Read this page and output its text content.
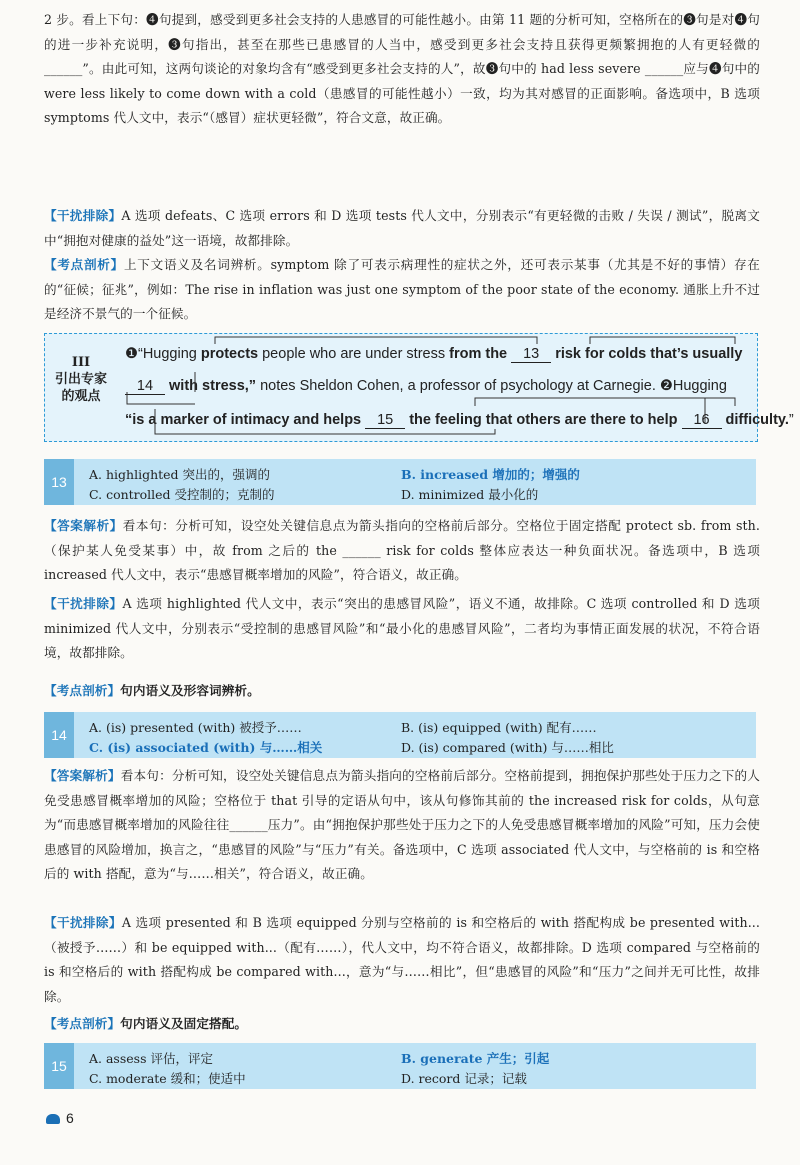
2 步。看上下句：❹句提到，感受到更多社会支持的人患感冒的可能性越小。由第 11 题的分析可知，空格所在的❸句是对❹句的进一步补充说明，❸句指出，甚至在那些已患感冒的人当中，感受到更多社会支持且获得更频繁拥抱的人有更轻微的______”。由此可知，这两句谈论的对象均含有“感受到更多社会支持的人”，故❸句中的 had less severe ______应与❹句中的 were less likely to come down with a cold（患感冒的可能性越小）一致，均为其对感冒的正面影响。备选项中，B 选项 symptoms 代人文中，表示“（感冒）症状更轻微”，符合文意，故正确。
【干扰排除】A 选项 defeats、C 选项 errors 和 D 选项 tests 代人文中，分别表示“有更轻微的击败 / 失误 / 测试”，脱离文中“拥抱对健康的益处”这一语境，故都排除。
【考点剖析】上下文语义及名词辨析。symptom 除了可表示病理性的症状之外，还可表示某事（尤其是不好的事情）存在的“征候；征兆”，例如：The rise in inflation was just one symptom of the poor state of the economy. 通胀上升不过是经济不景气的一个征候。
III
引出专家的观点
❶“Hugging protects people who are under stress from the 13 risk for colds that’s usually
14 with stress,” notes Sheldon Cohen, a professor of psychology at Carnegie. ❷Hugging
“is a marker of intimacy and helps 15 the feeling that others are there to help 16 difficulty.”
13	A. highlighted 突出的，强调的	B. increased 增加的；增强的
C. controlled 受控制的；克制的	D. minimized 最小化的
【答案解析】看本句：分析可知，设空处关键信息点为箭头指向的空格前后部分。空格位于固定搭配 protect sb. from sth.（保护某人免受某事）中，故 from 之后的 the ______ risk for colds 整体应表达一种负面状况。备选项中，B 选项 increased 代人文中，表示“患感冒概率增加的风险”，符合语义，故正确。
【干扰排除】A 选项 highlighted 代人文中，表示“突出的患感冒风险”，语义不通，故排除。C 选项 controlled 和 D 选项 minimized 代人文中，分别表示“受控制的患感冒风险”和“最小化的患感冒风险”，二者均为事情正面发展的状况，不符合语境，故都排除。
【考点剖析】句内语义及形容词辨析。
14	A. (is) presented (with) 被授予……	B. (is) equipped (with) 配有……
C. (is) associated (with) 与……相关	D. (is) compared (with) 与……相比
【答案解析】看本句：分析可知，设空处关键信息点为箭头指向的空格前后部分。空格前提到，拥抱保护那些处于压力之下的人免受患感冒概率增加的风险；空格位于 that 引导的定语从句中，该从句修饰其前的 the increased risk for colds，从句意为“而患感冒概率增加的风险往往______压力”。由“拥抱保护那些处于压力之下的人免受患感冒概率增加的风险”可知，压力会使患感冒的风险增加，换言之，“患感冒的风险”与“压力”有关。备选项中，C 选项 associated 代人文中，与空格前的 is 和空格后的 with 搭配，意为“与……相关”，符合语义，故正确。
【干扰排除】A 选项 presented 和 B 选项 equipped 分别与空格前的 is 和空格后的 with 搭配构成 be presented with...（被授予……）和 be equipped with...（配有……），代人文中，均不符合语义，故都排除。D 选项 compared 与空格前的 is 和空格后的 with 搭配构成 be compared with...，意为“与……相比”，但“患感冒的风险”和“压力”之间并无可比性，故排除。
【考点剖析】句内语义及固定搭配。
15	A. assess 评估，评定	B. generate 产生；引起
C. moderate 缓和；使适中	D. record 记录；记载
6
